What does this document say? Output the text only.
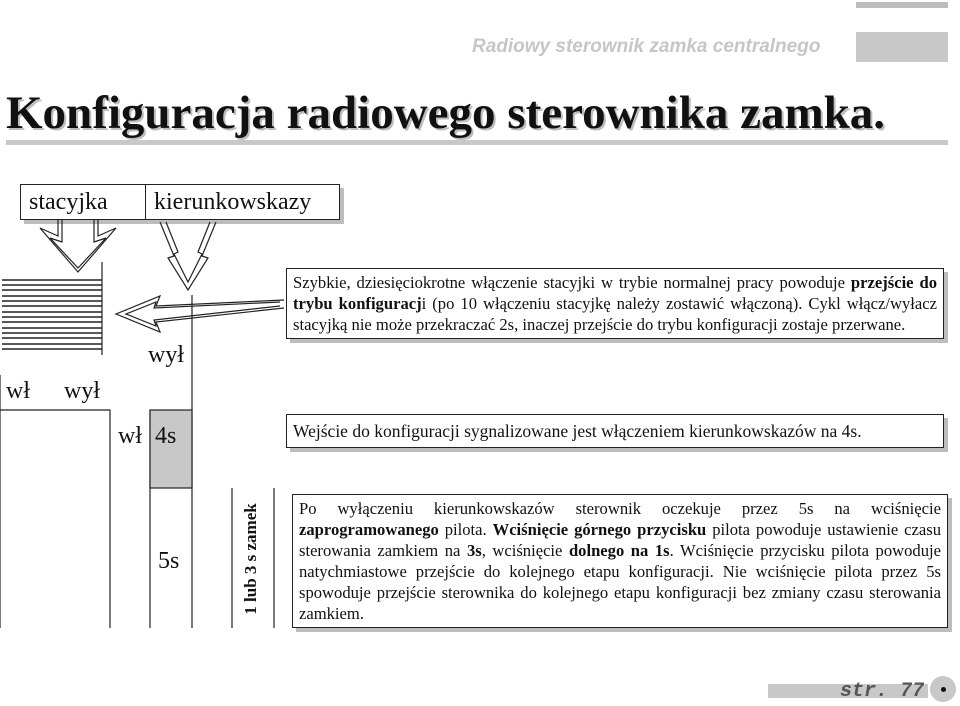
Radiowy sterownik zamka centralnego
Konfiguracja radiowego sterownika zamka.
stacyjka	kierunkowskazy
wył
wł wył
wł 4s
5s	1 lub 3 s zamek
Szybkie, dziesięciokrotne włączenie stacyjki w trybie normalnej pracy powoduje przejście do trybu konfiguracji (po 10 włączeniu stacyjkę należy zostawić włączoną). Cykl włącz/wyłacz stacyjką nie może przekraczać 2s, inaczej przejście do trybu konfiguracji zostaje przerwane.
Wejście do konfiguracji sygnalizowane jest włączeniem kierunkowskazów na 4s.
Po wyłączeniu kierunkowskazów sterownik oczekuje przez 5s na wciśnięcie zaprogramowanego pilota. Wciśnięcie górnego przycisku pilota powoduje ustawienie czasu sterowania zamkiem na 3s, wciśnięcie dolnego na 1s. Wciśnięcie przycisku pilota powoduje natychmiastowe przejście do kolejnego etapu konfiguracji. Nie wciśnięcie pilota przez 5s spowoduje przejście sterownika do kolejnego etapu konfiguracji bez zmiany czasu sterowania zamkiem.
str. 77
